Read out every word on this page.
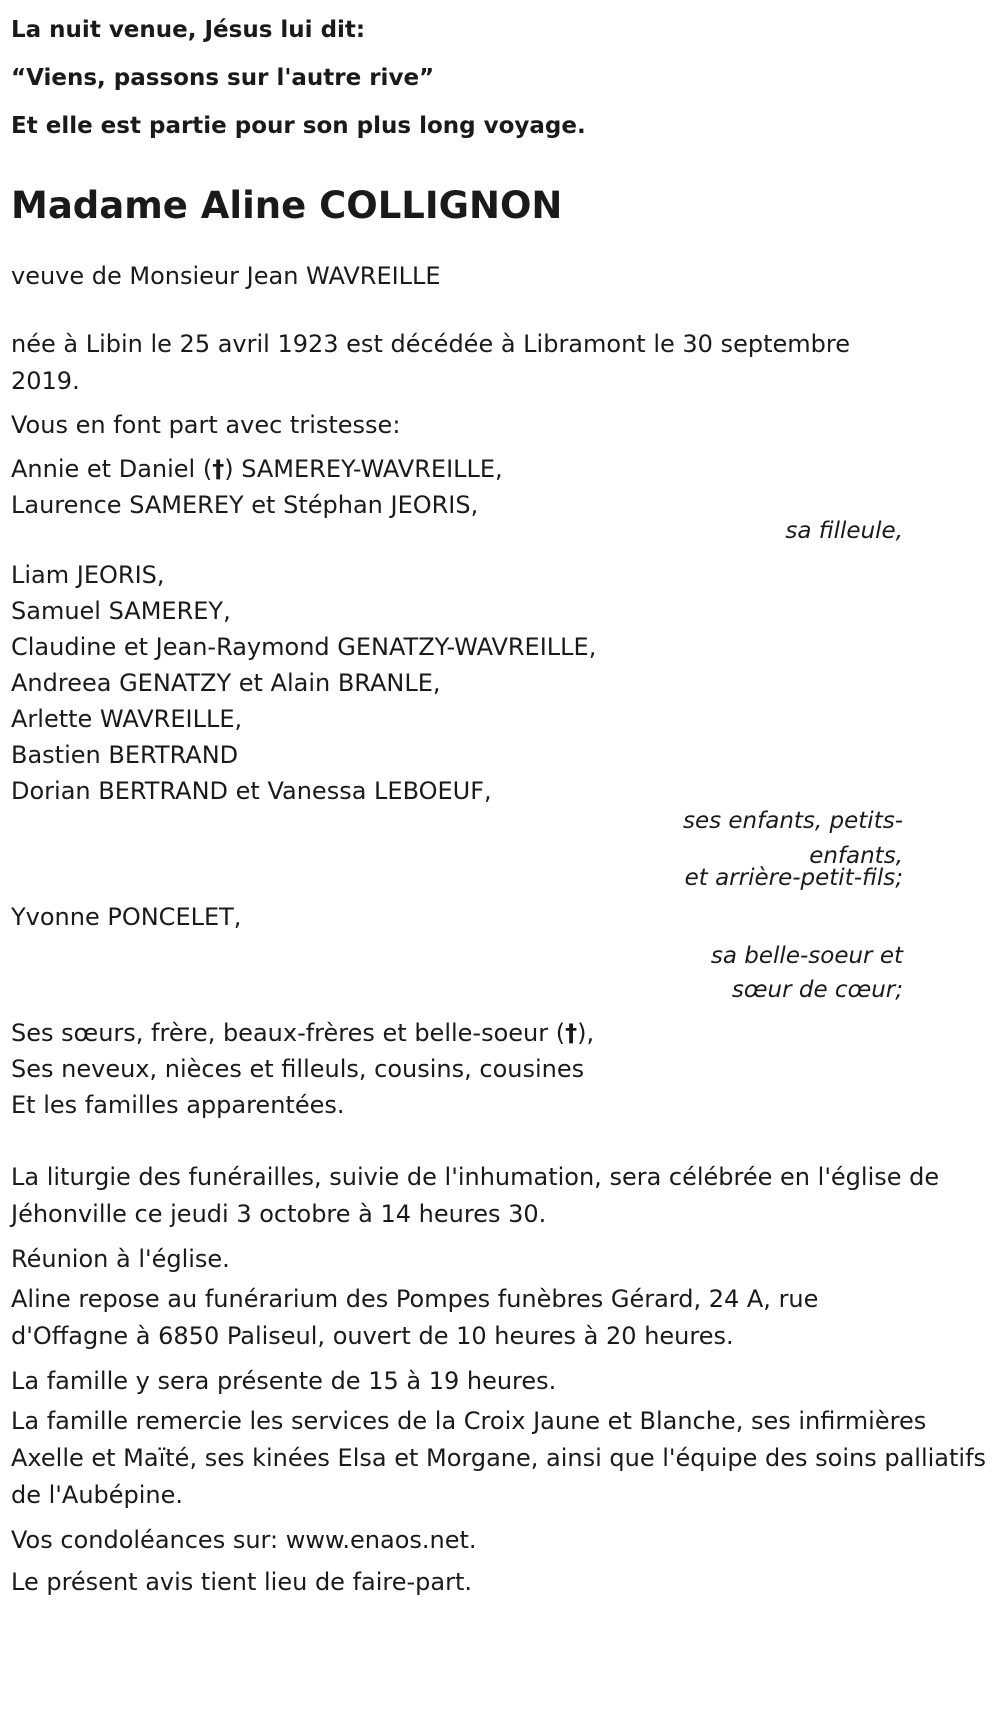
La nuit venue, Jésus lui dit:

“Viens, passons sur l'autre rive”

Et elle est partie pour son plus long voyage.

Madame Aline COLLIGNON

veuve de Monsieur Jean WAVREILLE

née à Libin le 25 avril 1923 est décédée à Libramont le 30 septembre 2019.

Vous en font part avec tristesse:

Annie et Daniel (†) SAMEREY-WAVREILLE,

Laurence SAMEREY et Stéphan JEORIS,

sa filleule,

Liam JEORIS,

Samuel SAMEREY,

Claudine et Jean-Raymond GENATZY-WAVREILLE,

Andreea GENATZY et Alain BRANLE,

Arlette WAVREILLE,

Bastien BERTRAND

Dorian BERTRAND et Vanessa LEBOEUF,

ses enfants, petits-
enfants,
et arrière-petit-fils;

Yvonne PONCELET,

sa belle-soeur et
sœur de cœur;

Ses sœurs, frère, beaux-frères et belle-soeur (†),

Ses neveux, nièces et filleuls, cousins, cousines

Et les familles apparentées.

La liturgie des funérailles, suivie de l'inhumation, sera célébrée en l'église de Jéhonville ce jeudi 3 octobre à 14 heures 30.

Réunion à l'église.

Aline repose au funérarium des Pompes funèbres Gérard, 24 A, rue d'Offagne à 6850 Paliseul, ouvert de 10 heures à 20 heures.

La famille y sera présente de 15 à 19 heures.

La famille remercie les services de la Croix Jaune et Blanche, ses infirmières Axelle et Maïté, ses kinées Elsa et Morgane, ainsi que l'équipe des soins palliatifs de l'Aubépine.

Vos condoléances sur: www.enaos.net.

Le présent avis tient lieu de faire-part.
